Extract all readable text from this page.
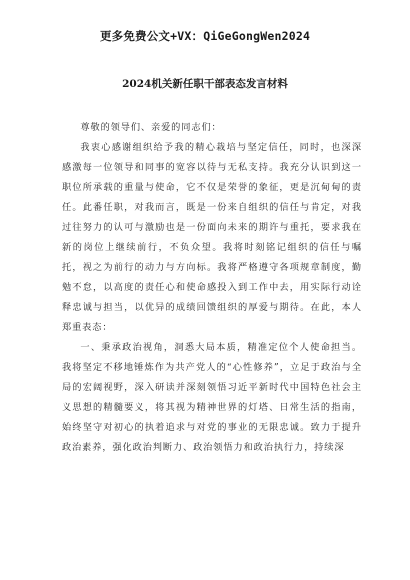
更多免费公文+VX：QiGeGongWen2024
2024机关新任职干部表态发言材料

尊敬的领导们、亲爱的同志们：

我衷心感谢组织给予我的精心栽培与坚定信任，同时，也深深感激每一位领导和同事的宽容以待与无私支持。我充分认识到这一职位所承载的重量与使命，它不仅是荣誉的象征，更是沉甸甸的责任。此番任职，对我而言，既是一份来自组织的信任与肯定，对我过往努力的认可与激励也是一份面向未来的期许与重托，要求我在新的岗位上继续前行，不负众望。我将时刻铭记组织的信任与嘱托，视之为前行的动力与方向标。我将严格遵守各项规章制度，勤勉不怠，以高度的责任心和使命感投入到工作中去，用实际行动诠释忠诚与担当，以优异的成绩回馈组织的厚爱与期待。在此，本人郑重表态：

一、秉承政治视角，洞悉大局本质，精准定位个人使命担当。我将坚定不移地锤炼作为共产党人的“心性修养”，立足于政治与全局的宏阔视野，深入研读并深刻领悟习近平新时代中国特色社会主义思想的精髓要义，将其视为精神世界的灯塔、日常生活的指南，始终坚守对初心的执着追求与对党的事业的无限忠诚。致力于提升政治素养，强化政治判断力、政治领悟力和政治执行力，持续深
